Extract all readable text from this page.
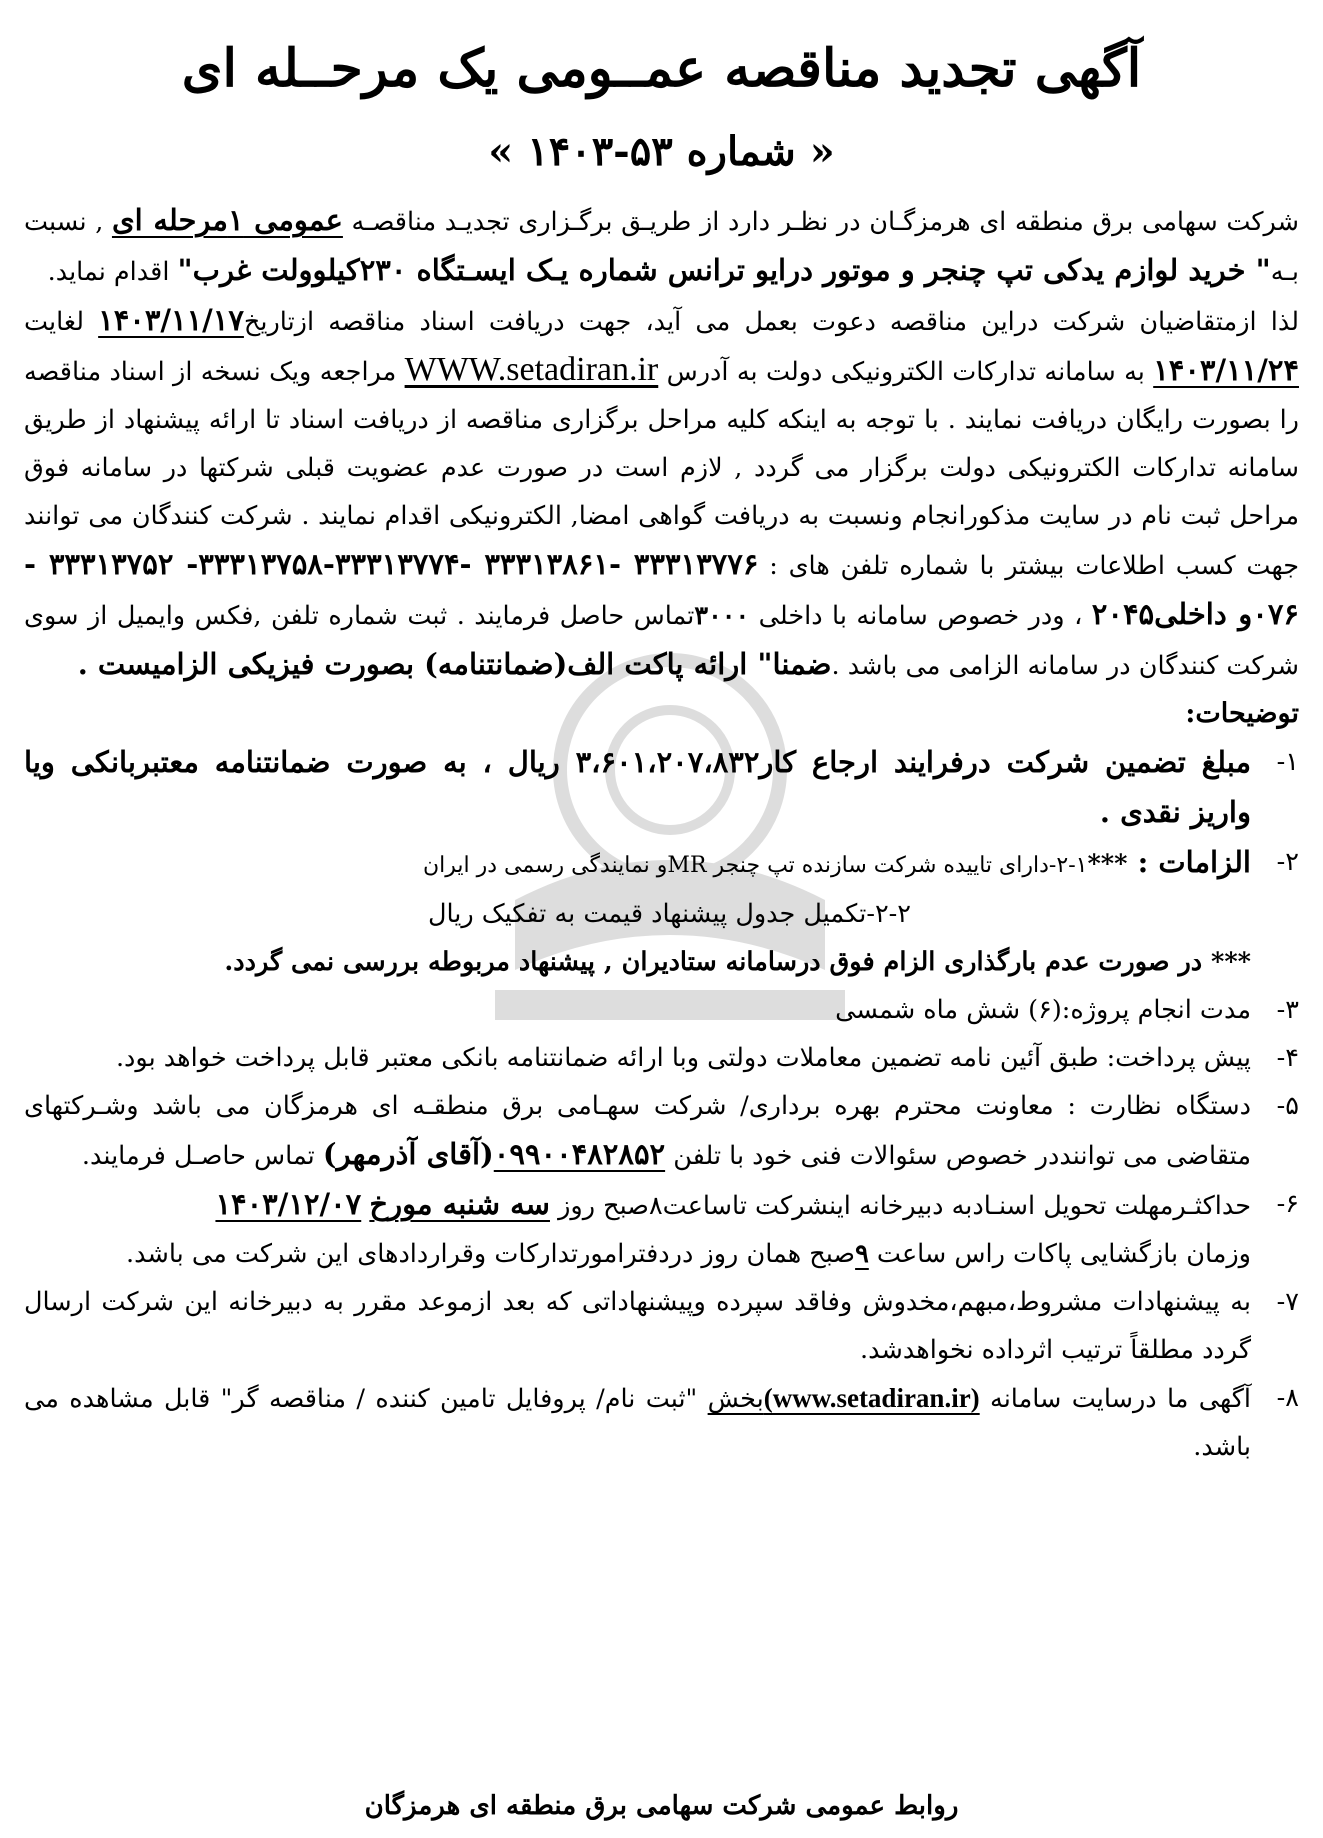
آگهی تجدید مناقصه عمــومی یک مرحــله ای
« شماره ۵۳-۱۴۰۳ »

شرکت سهامی برق منطقه ای هرمزگـان در نظـر دارد از طریـق برگـزاری تجدیـد مناقصـه عمومی ۱مرحله ای , نسبت بـه" خرید لوازم یدکی تپ چنجر و موتور درایو ترانس شماره یـک ایسـتگاه ۲۳۰کیلوولت غرب" اقدام نماید.

لذا ازمتقاضیان شرکت دراین مناقصه دعوت بعمل می آید، جهت دریافت اسناد مناقصه ازتاریخ۱۴۰۳/۱۱/۱۷ لغایت ۱۴۰۳/۱۱/۲۴ به سامانه تدارکات الکترونیکی دولت به آدرس WWW.setadiran.ir مراجعه ویک نسخه از اسناد مناقصه را بصورت رایگان دریافت نمایند . با توجه به اینکه کلیه مراحل برگزاری مناقصه از دریافت اسناد تا ارائه پیشنهاد از طریق سامانه تدارکات الکترونیکی دولت برگزار می گردد , لازم است در صورت عدم عضویت قبلی شرکتها در سامانه فوق مراحل ثبت نام در سایت مذکورانجام ونسبت به دریافت گواهی امضا, الکترونیکی اقدام نمایند . شرکت کنندگان می توانند جهت کسب اطلاعات بیشتر با شماره تلفن های : ۳۳۳۱۳۷۷۶ -۳۳۳۱۳۸۶۱ -۳۳۳۱۳۷۷۴-۳۳۳۱۳۷۵۸- ۳۳۳۱۳۷۵۲ - ۰۷۶و داخلی۲۰۴۵ ، ودر خصوص سامانه با داخلی ۳۰۰۰تماس حاصل فرمایند . ثبت شماره تلفن ,فکس وایمیل از سوی شرکت کنندگان در سامانه الزامی می باشد .ضمنا" ارائه پاکت الف(ضمانتنامه) بصورت فیزیکی الزامیست .

توضیحات:
۱-
مبلغ تضمین شرکت درفرایند ارجاع کار۳،۶۰۱،۲۰۷،۸۳۲ ریال ، به صورت ضمانتنامه معتبربانکی ویا واریز نقدی .
۲-
الزامات : ***۱-۲-دارای تاییده شرکت سازنده تپ چنجر MRو نمایندگی رسمی در ایران
۲-۲-تکمیل جدول پیشنهاد قیمت به تفکیک ریال
*** در صورت عدم بارگذاری الزام فوق درسامانه ستادیران , پیشنهاد مربوطه بررسی نمی گردد.
۳-
مدت انجام پروژه:(۶) شش ماه شمسی
۴-
پیش پرداخت: طبق آئین نامه تضمین معاملات دولتی وبا ارائه ضمانتنامه بانکی معتبر قابل پرداخت خواهد بود.
۵-
دستگاه نظارت : معاونت محترم بهره برداری/ شرکت سهـامی برق منطقـه ای هرمزگان می باشد وشـرکتهای متقاضی می تواننددر خصوص سئوالات فنی خود با تلفن ۰۹۹۰۰۴۸۲۸۵۲(آقای آذرمهر) تماس حاصـل فرمایند.
۶-
حداکثـرمهلت تحویل اسنـادبه دبیرخانه اینشرکت تاساعت۸صبح روز سه شنبه مورخ ۱۴۰۳/۱۲/۰۷
وزمان بازگشایی پاکات راس ساعت ۹صبح همان روز دردفترامورتدارکات وقراردادهای این شرکت می باشد.
۷-
به پیشنهادات مشروط،مبهم،مخدوش وفاقد سپرده وپیشنهاداتی که بعد ازموعد مقرر به دبیرخانه این شرکت ارسال گردد مطلقاً ترتیب اثرداده نخواهدشد.
۸-
آگهی ما درسایت سامانه (www.setadiran.ir)بخش "ثبت نام/ پروفایل تامین کننده / مناقصه گر" قابل مشاهده می باشد.
روابط عمومی شرکت سهامی برق منطقه ای هرمزگان
